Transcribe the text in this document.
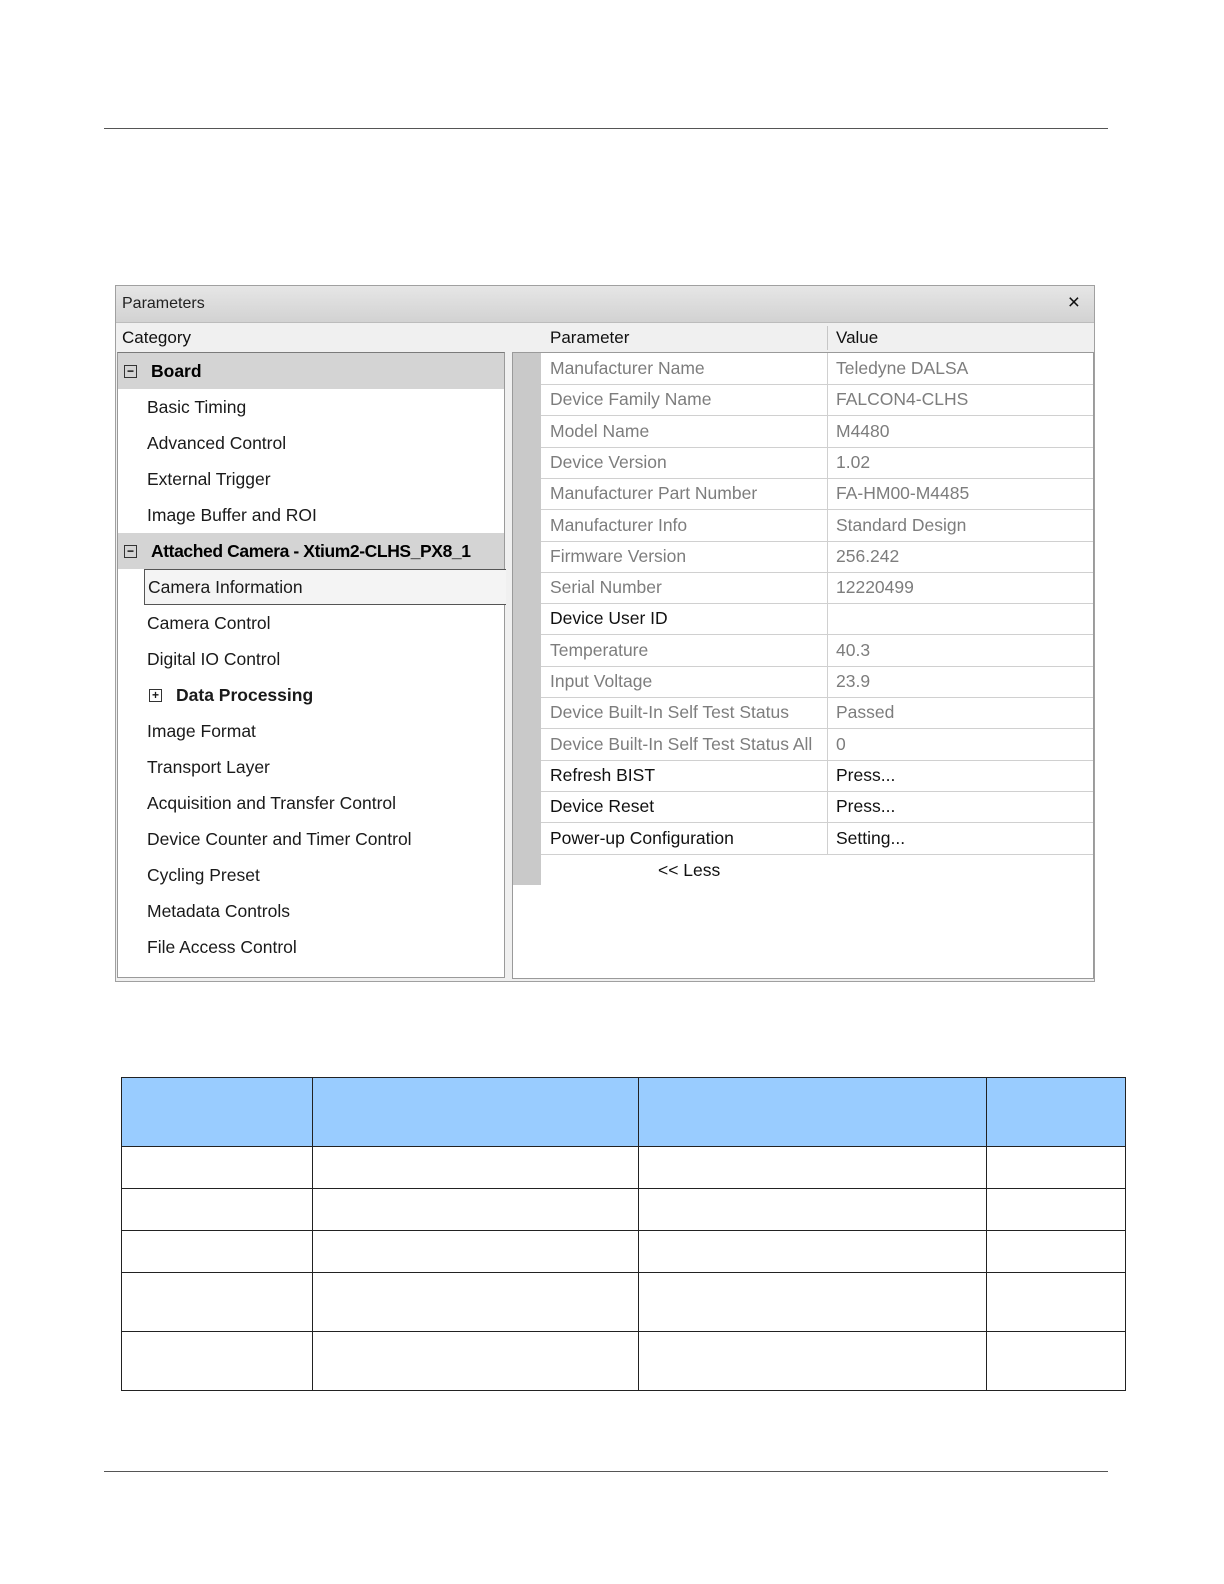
Parameters	×
Category	Parameter	Value
− Board
Basic Timing
Advanced Control
External Trigger
Image Buffer and ROI
− Attached Camera - Xtium2-CLHS_PX8_1
Camera Information
Camera Control
Digital IO Control
+ Data Processing
Image Format
Transport Layer
Acquisition and Transfer Control
Device Counter and Timer Control
Cycling Preset
Metadata Controls
File Access Control
Manufacturer Name	Teledyne DALSA
Device Family Name	FALCON4-CLHS
Model Name	M4480
Device Version	1.02
Manufacturer Part Number	FA-HM00-M4485
Manufacturer Info	Standard Design
Firmware Version	256.242
Serial Number	12220499
Device User ID
Temperature	40.3
Input Voltage	23.9
Device Built-In Self Test Status	Passed
Device Built-In Self Test Status All 0
Refresh BIST	Press...
Device Reset	Press...
Power-up Configuration	Setting...
<< Less
